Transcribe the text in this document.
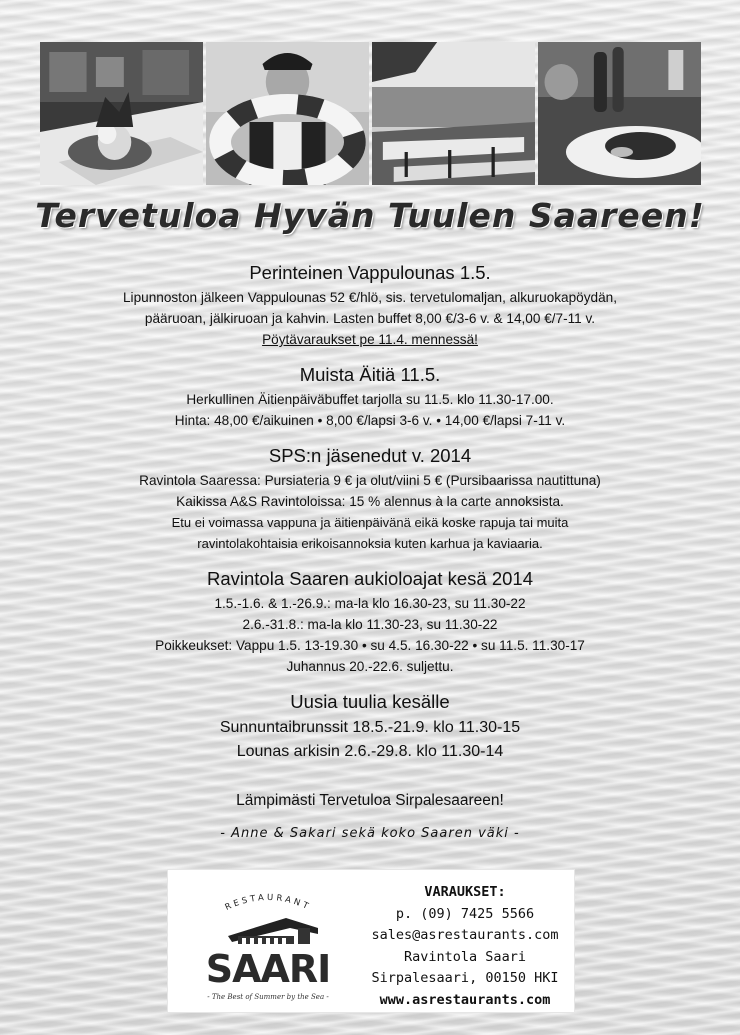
Tervetuloa Hyvän Tuulen Saareen!

Perinteinen Vappulounas 1.5.

Lipunnoston jälkeen Vappulounas 52 €/hlö, sis. tervetulomaljan, alkuruokapöydän,

pääruoan, jälkiruoan ja kahvin. Lasten buffet 8,00 €/3-6 v. & 14,00 €/7-11 v.

Pöytävaraukset pe 11.4. mennessä!

Muista Äitiä 11.5.

Herkullinen Äitienpäiväbuffet tarjolla su 11.5. klo 11.30-17.00.

Hinta: 48,00 €/aikuinen • 8,00 €/lapsi 3-6 v. • 14,00 €/lapsi 7-11 v.

SPS:n jäsenedut v. 2014

Ravintola Saaressa: Pursiateria 9 € ja olut/viini 5 € (Pursibaarissa nautittuna)

Kaikissa A&S Ravintoloissa: 15 % alennus à la carte annoksista.

Etu ei voimassa vappuna ja äitienpäivänä eikä koske rapuja tai muita

ravintolakohtaisia erikoisannoksia kuten karhua ja kaviaaria.

Ravintola Saaren aukioloajat kesä 2014

1.5.-1.6. & 1.-26.9.: ma-la klo 16.30-23, su 11.30-22

2.6.-31.8.: ma-la klo 11.30-23, su 11.30-22

Poikkeukset: Vappu 1.5. 13-19.30 • su 4.5. 16.30-22 • su 11.5. 11.30-17

Juhannus 20.-22.6. suljettu.

Uusia tuulia kesälle

Sunnuntaibrunssit 18.5.-21.9. klo 11.30-15

Lounas arkisin 2.6.-29.8. klo 11.30-14

Lämpimästi Tervetuloa Sirpalesaareen!

- Anne & Sakari sekä koko Saaren väki -

RESTAURANT
SAARI
- The Best of Summer by the Sea -
VARAUKSET:
p. (09) 7425 5566
sales@asrestaurants.com
Ravintola Saari
Sirpalesaari, 00150 HKI
www.asrestaurants.com
